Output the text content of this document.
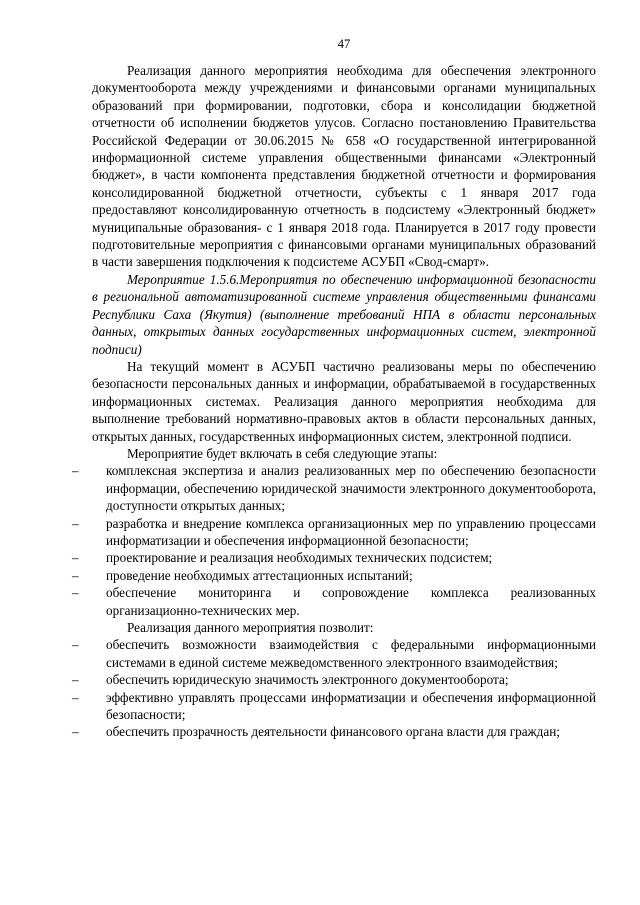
47

Реализация данного мероприятия необходима для обеспечения электронного документооборота между учреждениями и финансовыми органами муниципальных образований при формировании, подготовки, сбора и консолидации бюджетной отчетности об исполнении бюджетов улусов. Согласно постановлению Правительства Российской Федерации от 30.06.2015 № 658 «О государственной интегрированной информационной системе управления общественными финансами «Электронный бюджет», в части компонента представления бюджетной отчетности и формирования консолидированной бюджетной отчетности, субъекты с 1 января 2017 года предоставляют консолидированную отчетность в подсистему «Электронный бюджет» муниципальные образования- с 1 января 2018 года. Планируется в 2017 году провести подготовительные мероприятия с финансовыми органами муниципальных образований в части завершения подключения к подсистеме АСУБП «Свод-смарт».

Мероприятие 1.5.6.Мероприятия по обеспечению информационной безопасности в региональной автоматизированной системе управления общественными финансами Республики Саха (Якутия) (выполнение требований НПА в области персональных данных, открытых данных государственных информационных систем, электронной подписи)

На текущий момент в АСУБП частично реализованы меры по обеспечению безопасности персональных данных и информации, обрабатываемой в государственных информационных системах. Реализация данного мероприятия необходима для выполнение требований нормативно-правовых актов в области персональных данных, открытых данных, государственных информационных систем, электронной подписи.

Мероприятие будет включать в себя следующие этапы:

–
комплексная экспертиза и анализ реализованных мер по обеспечению безопасности информации, обеспечению юридической значимости электронного документооборота, доступности открытых данных;
–
разработка и внедрение комплекса организационных мер по управлению процессами информатизации и обеспечения информационной безопасности;
–
проектирование и реализация необходимых технических подсистем;
–
проведение необходимых аттестационных испытаний;
–
обеспечение мониторинга и сопровождение комплекса реализованных организационно-технических мер.

Реализация данного мероприятия позволит:

–
обеспечить возможности взаимодействия с федеральными информационными системами в единой системе межведомственного электронного взаимодействия;
–
обеспечить юридическую значимость электронного документооборота;
–
эффективно управлять процессами информатизации и обеспечения информационной безопасности;
–
обеспечить прозрачность деятельности финансового органа власти для граждан;
